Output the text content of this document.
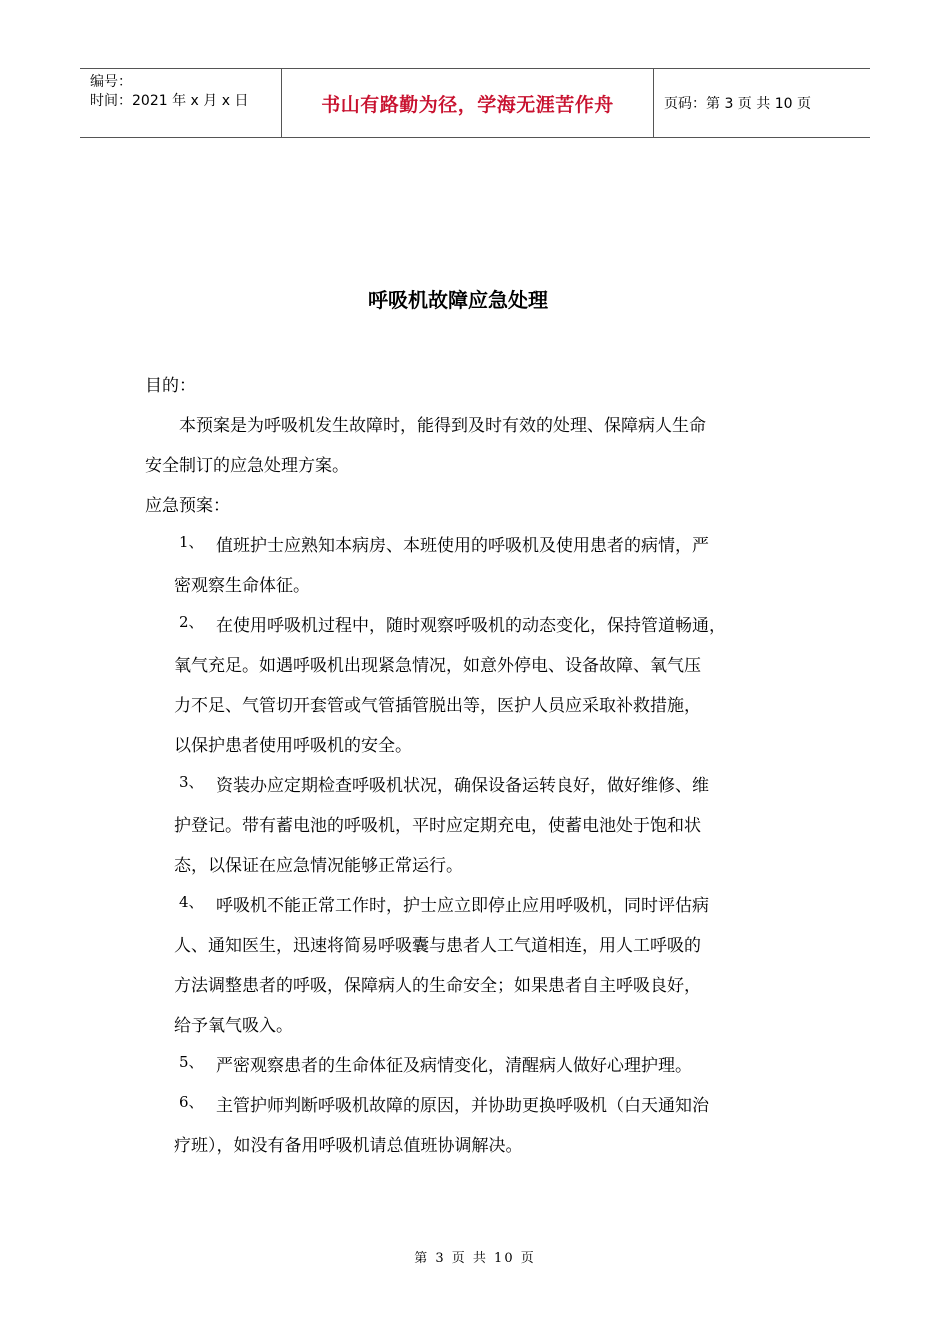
编号：
时间：2021 年 x 月 x 日	书山有路勤为径，学海无涯苦作舟	页码：第 3 页 共 10 页
呼吸机故障应急处理
目的：
本预案是为呼吸机发生故障时，能得到及时有效的处理、保障病人生命
安全制订的应急处理方案。
应急预案：
1、 值班护士应熟知本病房、本班使用的呼吸机及使用患者的病情，严
密观察生命体征。
2、 在使用呼吸机过程中，随时观察呼吸机的动态变化，保持管道畅通，
氧气充足。如遇呼吸机出现紧急情况，如意外停电、设备故障、氧气压
力不足、气管切开套管或气管插管脱出等，医护人员应采取补救措施，
以保护患者使用呼吸机的安全。
3、 资装办应定期检查呼吸机状况，确保设备运转良好，做好维修、维
护登记。带有蓄电池的呼吸机，平时应定期充电，使蓄电池处于饱和状
态，以保证在应急情况能够正常运行。
4、 呼吸机不能正常工作时，护士应立即停止应用呼吸机，同时评估病
人、通知医生，迅速将简易呼吸囊与患者人工气道相连，用人工呼吸的
方法调整患者的呼吸，保障病人的生命安全；如果患者自主呼吸良好，
给予氧气吸入。
5、 严密观察患者的生命体征及病情变化，清醒病人做好心理护理。
6、 主管护师判断呼吸机故障的原因，并协助更换呼吸机（白天通知治
疗班），如没有备用呼吸机请总值班协调解决。
第 3 页 共 10 页
